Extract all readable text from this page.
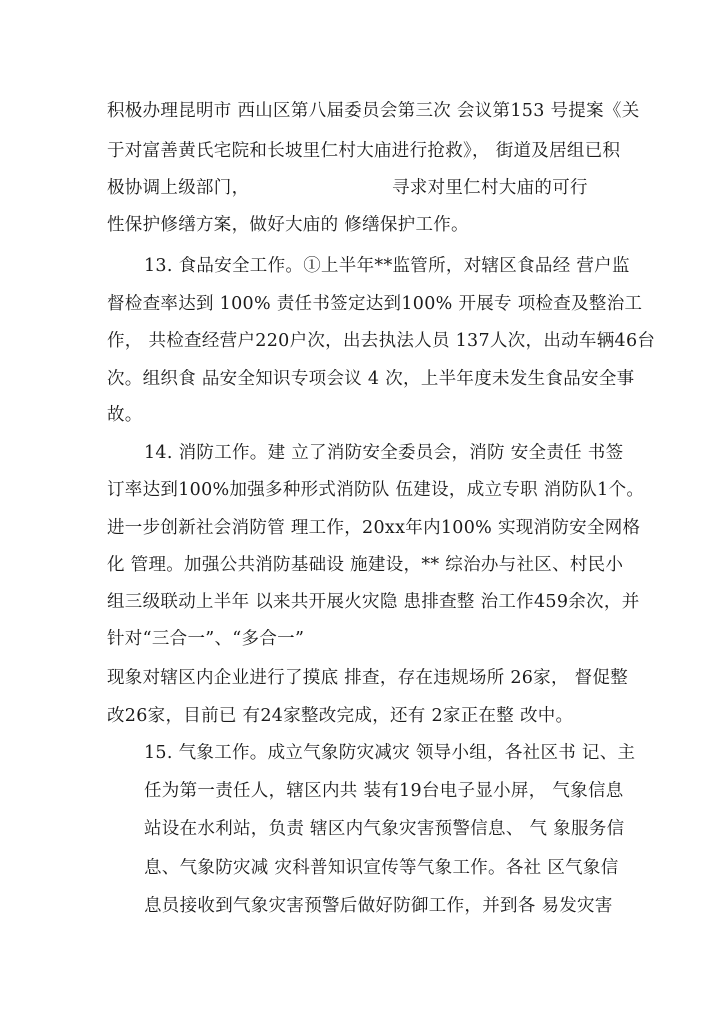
积极办理昆明市 西山区第八届委员会第三次 会议第153 号提案《关
于对富善黄氏宅院和长坡里仁村大庙进行抢救》， 街道及居组已积
极协调上级部门，	寻求对里仁村大庙的可行
性保护修缮方案，做好大庙的 修缮保护工作。
13. 食品安全工作。①上半年**监管所，对辖区食品经 营户监
督检查率达到 100% 责任书签定达到100% 开展专 项检查及整治工
作， 共检查经营户220户次，出去执法人员 137人次，出动车辆46台
次。组织食 品安全知识专项会议 4 次，上半年度未发生食品安全事
故。
14. 消防工作。建 立了消防安全委员会，消防 安全责任 书签
订率达到100%加强多种形式消防队 伍建设，成立专职 消防队1个。
进一步创新社会消防管 理工作，20xx年内100% 实现消防安全网格
化 管理。加强公共消防基础设 施建设，** 综治办与社区、村民小
组三级联动上半年 以来共开展火灾隐 患排查整 治工作459余次，并
针对“三合一”、“多合一”
现象对辖区内企业进行了摸底 排查，存在违规场所 26家， 督促整
改26家，目前已 有24家整改完成，还有 2家正在整 改中。
15. 气象工作。成立气象防灾减灾 领导小组，各社区书 记、主
任为第一责任人，辖区内共 装有19台电子显小屏， 气象信息
站设在水利站，负责 辖区内气象灾害预警信息、 气 象服务信
息、气象防灾减 灾科普知识宣传等气象工作。各社 区气象信
息员接收到气象灾害预警后做好防御工作，并到各 易发灾害
